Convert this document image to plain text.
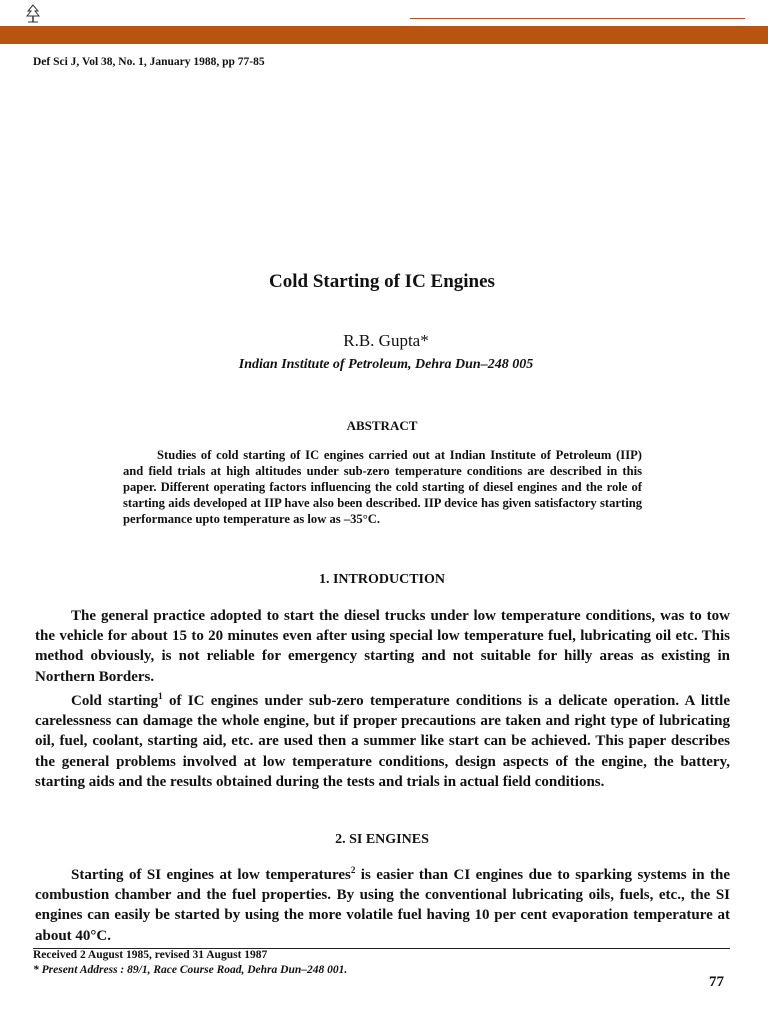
Def Sci J, Vol 38, No. 1, January 1988, pp 77-85
Cold Starting of IC Engines
R.B. Gupta*
Indian Institute of Petroleum, Dehra Dun–248 005
ABSTRACT

Studies of cold starting of IC engines carried out at Indian Institute of Petroleum (IIP) and field trials at high altitudes under sub-zero temperature conditions are described in this paper. Different operating factors influencing the cold starting of diesel engines and the role of starting aids developed at IIP have also been described. IIP device has given satisfactory starting performance upto temperature as low as –35°C.

1. INTRODUCTION

The general practice adopted to start the diesel trucks under low temperature conditions, was to tow the vehicle for about 15 to 20 minutes even after using special low temperature fuel, lubricating oil etc. This method obviously, is not reliable for emergency starting and not suitable for hilly areas as existing in Northern Borders.

Cold starting$^1$ of IC engines under sub-zero temperature conditions is a delicate operation. A little carelessness can damage the whole engine, but if proper precautions are taken and right type of lubricating oil, fuel, coolant, starting aid, etc. are used then a summer like start can be achieved. This paper describes the general problems involved at low temperature conditions, design aspects of the engine, the battery, starting aids and the results obtained during the tests and trials in actual field conditions.

2. SI ENGINES

Starting of SI engines at low temperatures$^2$ is easier than CI engines due to sparking systems in the combustion chamber and the fuel properties. By using the conventional lubricating oils, fuels, etc., the SI engines can easily be started by using the more volatile fuel having 10 per cent evaporation temperature at about 40°C.

Received 2 August 1985, revised 31 August 1987
* Present Address : 89/1, Race Course Road, Dehra Dun–248 001.
77
